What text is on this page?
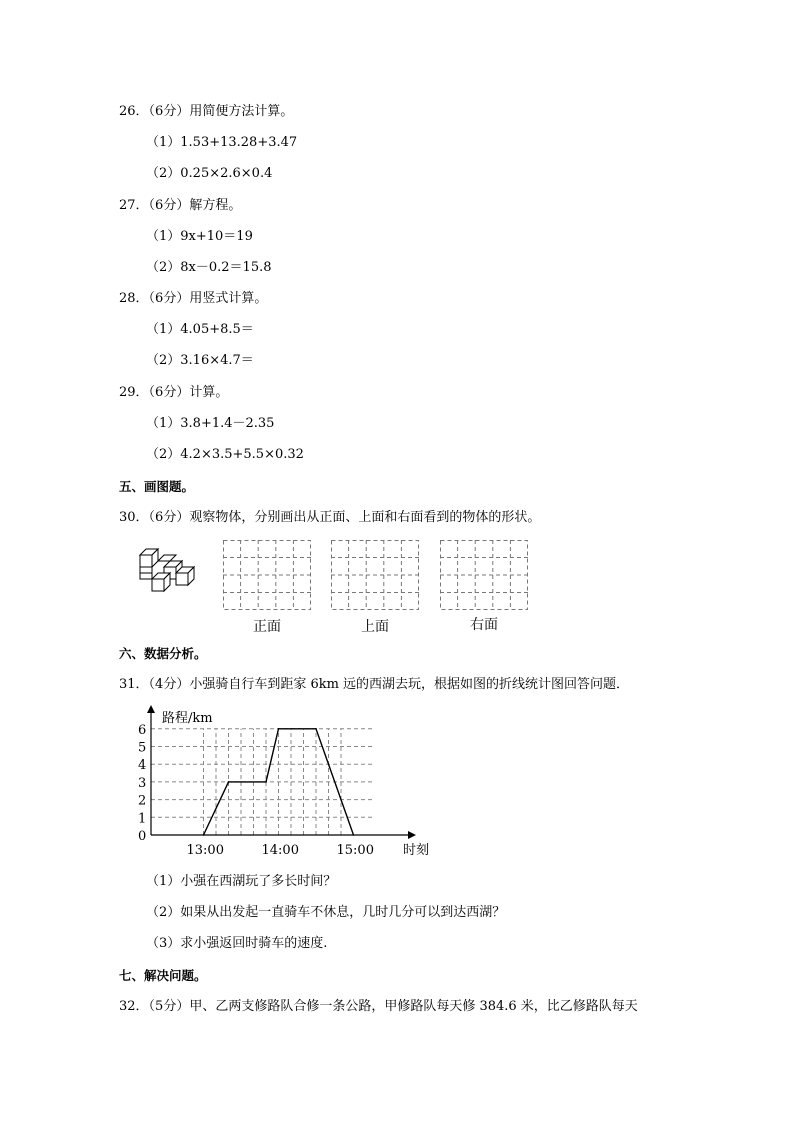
26．（6分）用简便方法计算。
（1）1.53+13.28+3.47
（2）0.25×2.6×0.4
27．（6分）解方程。
（1）9x+10＝19
（2）8x－0.2＝15.8
28．（6分）用竖式计算。
（1）4.05+8.5＝
（2）3.16×4.7＝
29．（6分）计算。
（1）3.8+1.4－2.35
（2）4.2×3.5+5.5×0.32
五、画图题。
30．（6分）观察物体，分别画出从正面、上面和右面看到的物体的形状。
正面	上面	右面
六、数据分析。
31．（4分）小强骑自行车到距家 6km 远的西湖去玩，根据如图的折线统计图回答问题．
0
1
2
3
4
5
6
13:00	14:00	15:00
路程/km
时刻
（1）小强在西湖玩了多长时间？
（2）如果从出发起一直骑车不休息，几时几分可以到达西湖？
（3）求小强返回时骑车的速度.
七、解决问题。
32．（5分）甲、乙两支修路队合修一条公路，甲修路队每天修 384.6 米，比乙修路队每天
